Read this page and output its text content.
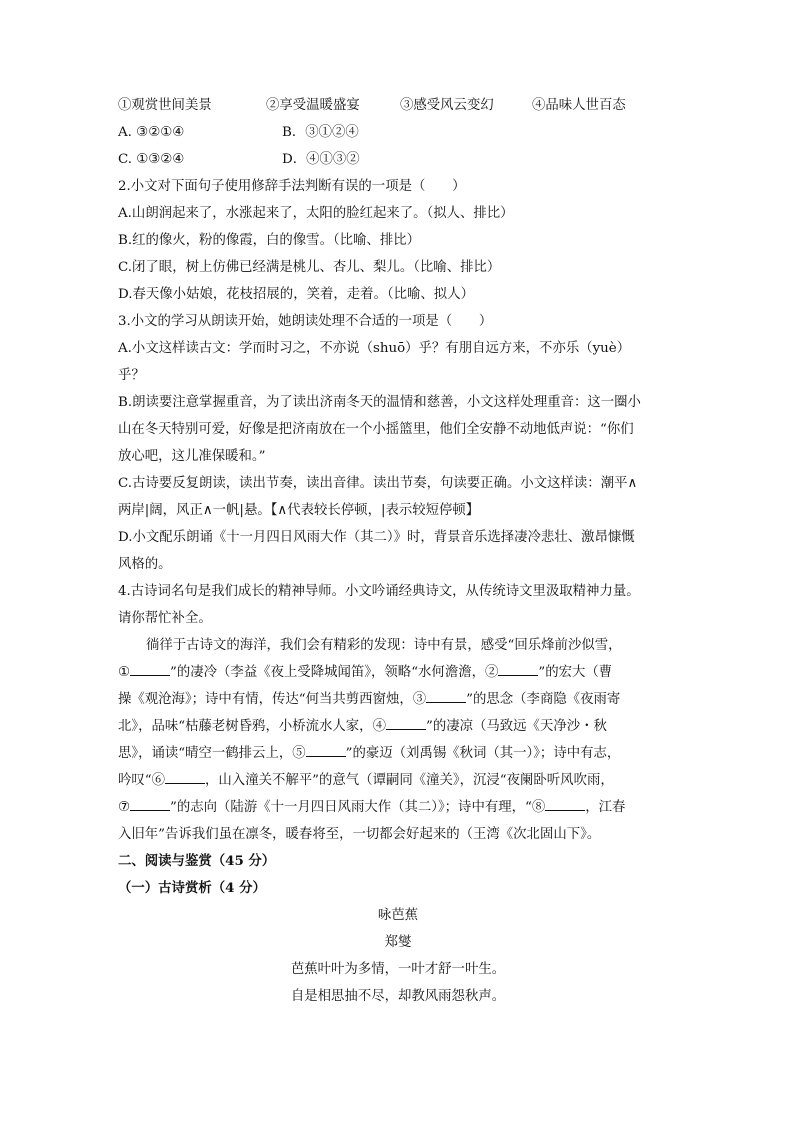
①观赏世间美景	②享受温暖盛宴	③感受风云变幻	④品味人世百态
A. ③②①④	B．③①②④
C. ①③②④	D．④①③②
2.小文对下面句子使用修辞手法判断有误的一项是（　　）
A.山朗润起来了，水涨起来了，太阳的脸红起来了。（拟人、排比）
B.红的像火，粉的像霞，白的像雪。（比喻、排比）
C.闭了眼，树上仿佛已经满是桃儿、杏儿、梨儿。（比喻、排比）
D.春天像小姑娘，花枝招展的，笑着，走着。（比喻、拟人）
3.小文的学习从朗读开始，她朗读处理不合适的一项是（　　）
A.小文这样读古文：学而时习之，不亦说（shuō）乎？有朋自远方来，不亦乐（yuè）
乎？
B.朗读要注意掌握重音，为了读出济南冬天的温情和慈善，小文这样处理重音：这一圈小
山在冬天特别可爱，好像是把济南放在一个小摇篮里，他们全安静不动地低声说：“你们
放心吧，这儿准保暖和。”
C.古诗要反复朗读，读出节奏，读出音律。读出节奏，句读要正确。小文这样读：潮平∧
两岸|阔，风正∧一帆|悬。【∧代表较长停顿，|表示较短停顿】
D.小文配乐朗诵《十一月四日风雨大作（其二）》时，背景音乐选择凄冷悲壮、激昂慷慨
风格的。
4.古诗词名句是我们成长的精神导师。小文吟诵经典诗文，从传统诗文里汲取精神力量。
请你帮忙补全。
徜徉于古诗文的海洋，我们会有精彩的发现：诗中有景，感受“回乐烽前沙似雪，
①	”的凄冷（李益《夜上受降城闻笛》，领略“水何澹澹，②	”的宏大（曹
操《观沧海》；诗中有情，传达“何当共剪西窗烛，③	”的思念（李商隐《夜雨寄
北》，品味“枯藤老树昏鸦，小桥流水人家，④	”的凄凉（马致远《天净沙・秋
思》，诵读“晴空一鹤排云上，⑤	”的豪迈（刘禹锡《秋词（其一）》；诗中有志，
吟叹“⑥	，山入潼关不解平”的意气（谭嗣同《潼关》，沉浸“夜阑卧听风吹雨，
⑦	”的志向（陆游《十一月四日风雨大作（其二）》；诗中有理，“⑧	，江春
入旧年”告诉我们虽在凛冬，暖春将至，一切都会好起来的（王湾《次北固山下》。
二、阅读与鉴赏（45 分）
（一）古诗赏析（4 分）
咏芭蕉
郑燮
芭蕉叶叶为多情，一叶才舒一叶生。
自是相思抽不尽，却教风雨怨秋声。
